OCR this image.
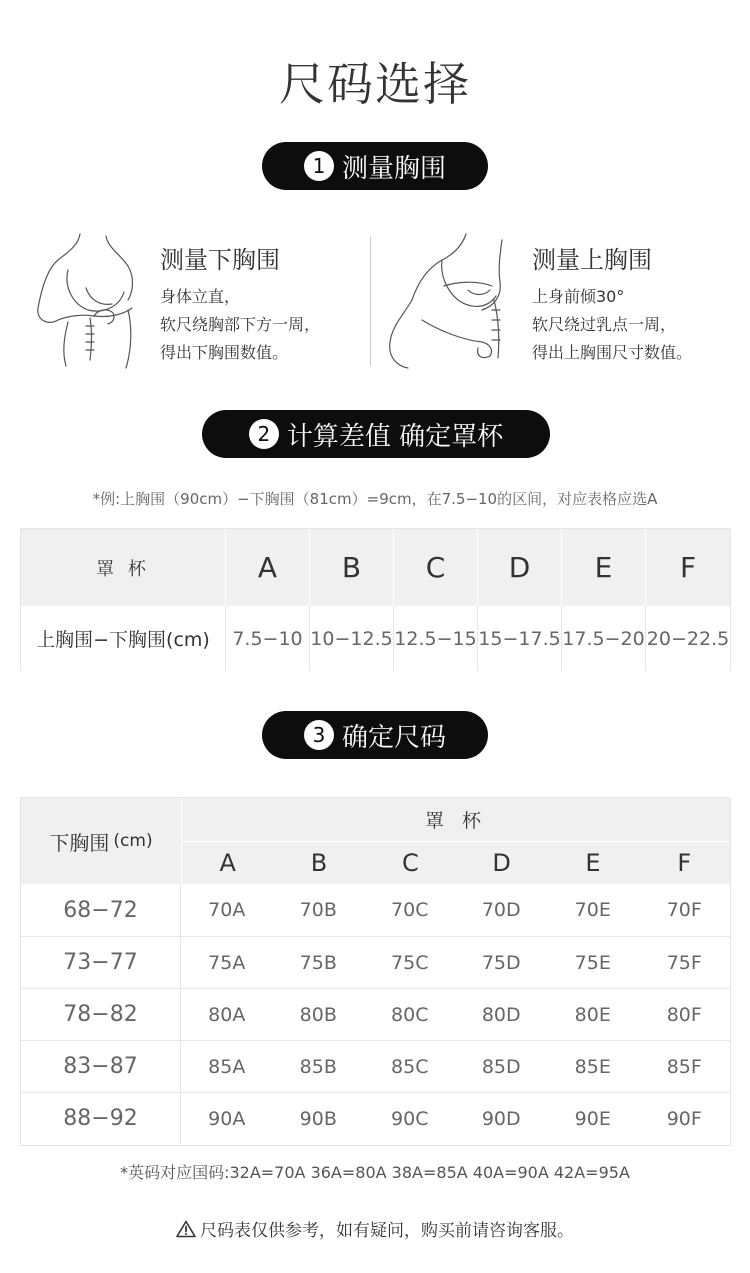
尺码选择
1 测量胸围
测量下胸围
身体立直，
软尺绕胸部下方一周，
得出下胸围数值。
测量上胸围
上身前倾30°
软尺绕过乳点一周，
得出上胸围尺寸数值。
2 计算差值 确定罩杯
*例:上胸围（90cm）−下胸围（81cm）=9cm，在7.5−10的区间，对应表格应选A
罩 杯	A	B	C	D	E	F
上胸围−下胸围(cm)	7.5−10 10−12.5 12.5−15 15−17.5 17.5−20 20−22.5
3 确定尺码
下胸围 (cm)
罩 杯
A	B	C	D	E	F
68−72	70A	70B	70C	70D	70E	70F
73−77	75A	75B	75C	75D	75E	75F
78−82	80A	80B	80C	80D	80E	80F
83−87	85A	85B	85C	85D	85E	85F
88−92	90A	90B	90C	90D	90E	90F
*英码对应国码:32A=70A 36A=80A 38A=85A 40A=90A 42A=95A
尺码表仅供参考，如有疑问，购买前请咨询客服。
